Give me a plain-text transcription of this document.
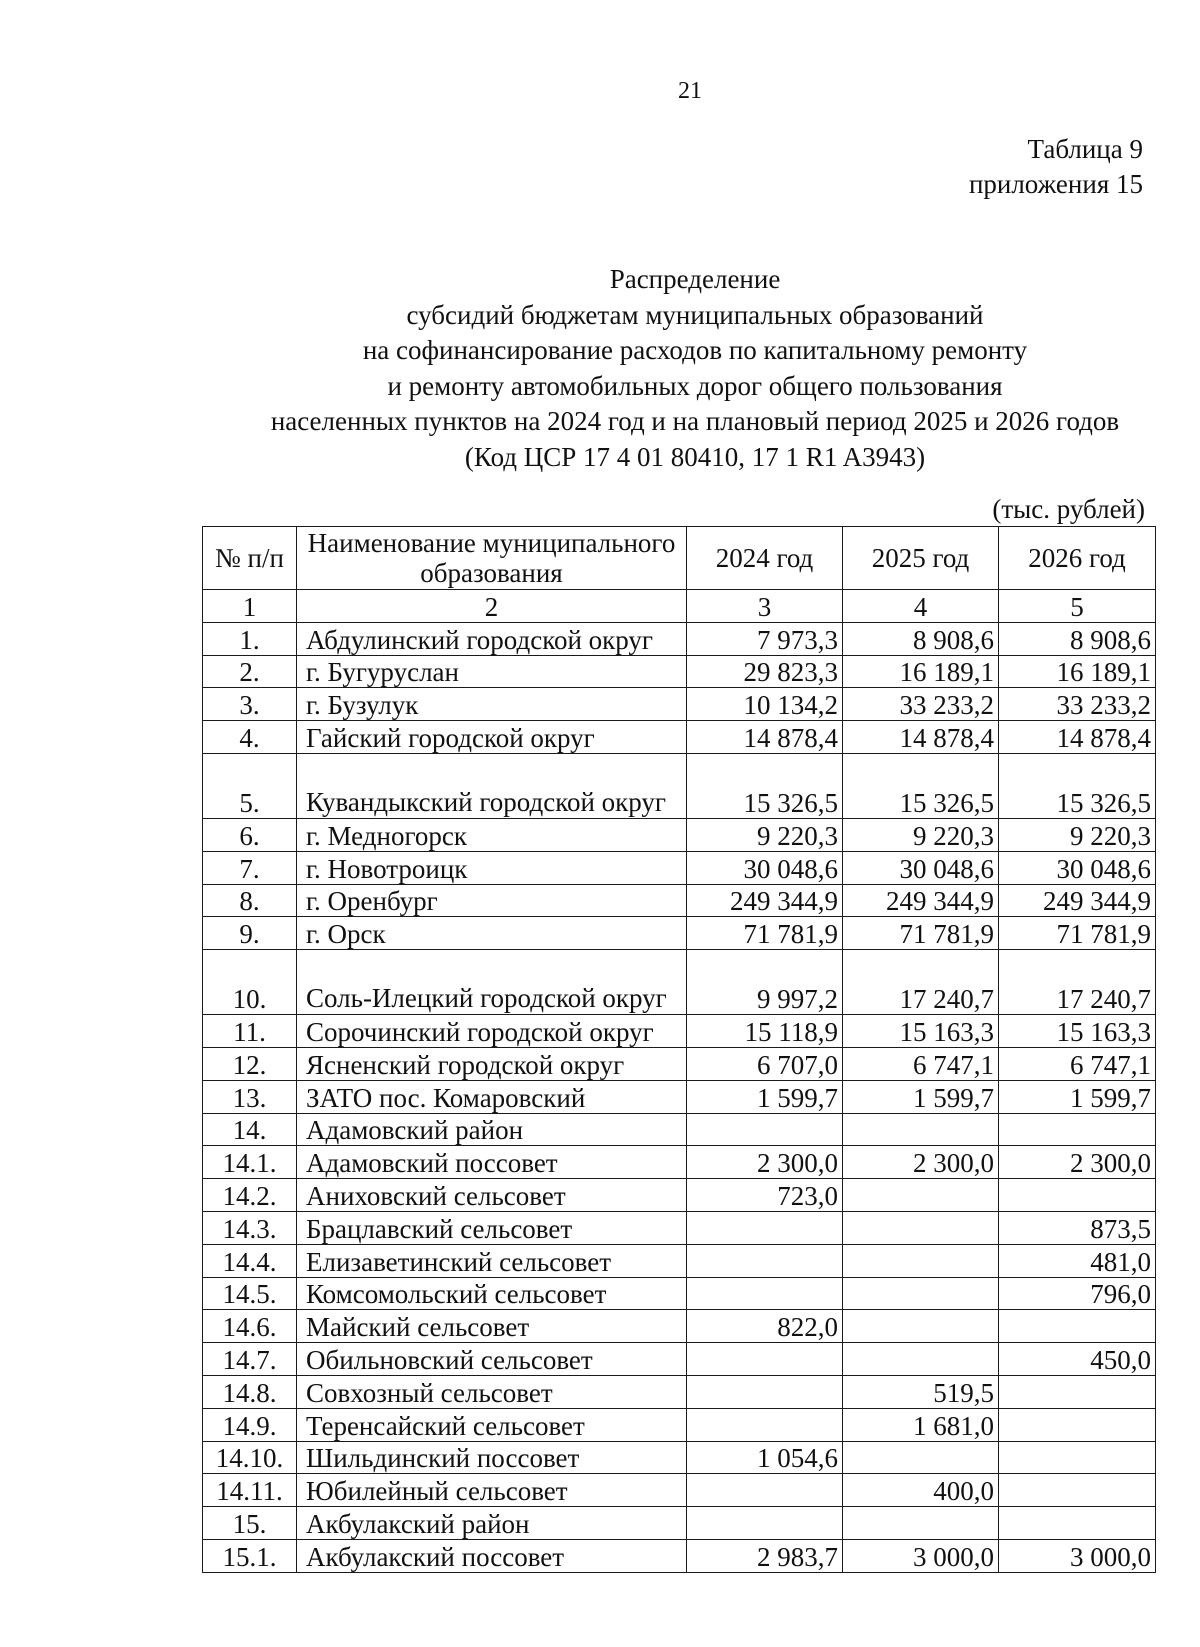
21
Таблица 9
приложения 15
Распределение
субсидий бюджетам муниципальных образований
на софинансирование расходов по капитальному ремонту
и ремонту автомобильных дорог общего пользования
населенных пунктов на 2024 год и на плановый период 2025 и 2026 годов
(Код ЦСР 17 4 01 80410, 17 1 R1 A3943)
(тыс. рублей)
№ п/п	Наименование муниципального образования	2024 год	2025 год	2026 год
1	2	3	4	5
1.	Абдулинский городской округ	7 973,3	8 908,6	8 908,6
2.	г. Бугуруслан	29 823,3	16 189,1	16 189,1
3.	г. Бузулук	10 134,2	33 233,2	33 233,2
4.	Гайский городской округ	14 878,4	14 878,4	14 878,4
5.	Кувандыкский городской округ	15 326,5	15 326,5	15 326,5
6.	г. Медногорск	9 220,3	9 220,3	9 220,3
7.	г. Новотроицк	30 048,6	30 048,6	30 048,6
8.	г. Оренбург	249 344,9	249 344,9	249 344,9
9.	г. Орск	71 781,9	71 781,9	71 781,9
10.	Соль-Илецкий городской округ	9 997,2	17 240,7	17 240,7
11.	Сорочинский городской округ	15 118,9	15 163,3	15 163,3
12.	Ясненский городской округ	6 707,0	6 747,1	6 747,1
13.	ЗАТО пос. Комаровский	1 599,7	1 599,7	1 599,7
14.	Адамовский район			
14.1.	Адамовский поссовет	2 300,0	2 300,0	2 300,0
14.2.	Аниховский сельсовет	723,0		
14.3.	Брацлавский сельсовет			873,5
14.4.	Елизаветинский сельсовет			481,0
14.5.	Комсомольский сельсовет			796,0
14.6.	Майский сельсовет	822,0		
14.7.	Обильновский сельсовет			450,0
14.8.	Совхозный сельсовет		519,5	
14.9.	Теренсайский сельсовет		1 681,0	
14.10.	Шильдинский поссовет	1 054,6		
14.11.	Юбилейный сельсовет		400,0	
15.	Акбулакский район			
15.1.	Акбулакский поссовет	2 983,7	3 000,0	3 000,0
